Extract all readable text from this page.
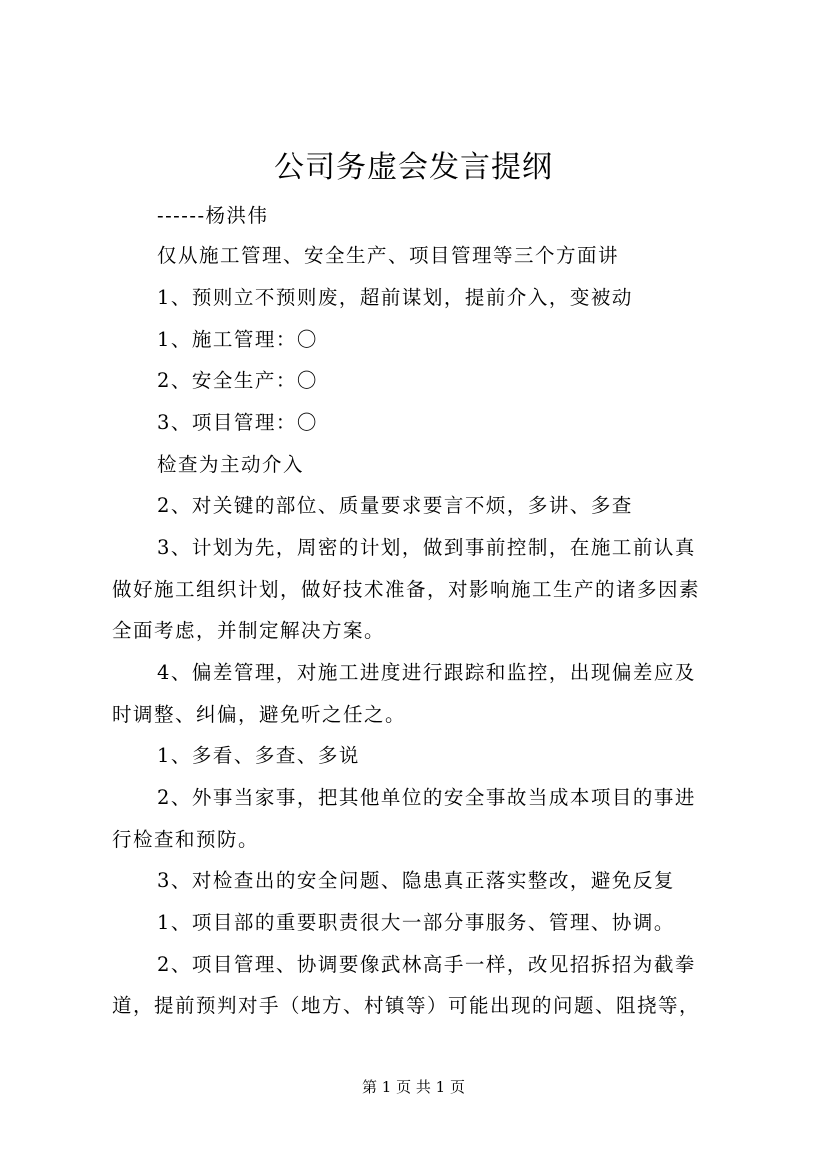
公司务虚会发言提纲
------杨洪伟
仅从施工管理、安全生产、项目管理等三个方面讲
1、预则立不预则废，超前谋划，提前介入，变被动
1、施工管理：〇
2、安全生产：〇
3、项目管理：〇
检查为主动介入
2、对关键的部位、质量要求要言不烦，多讲、多查
3、计划为先，周密的计划，做到事前控制，在施工前认真
做好施工组织计划，做好技术准备，对影响施工生产的诸多因素
全面考虑，并制定解决方案。
4、偏差管理，对施工进度进行跟踪和监控，出现偏差应及
时调整、纠偏，避免听之任之。
1、多看、多查、多说
2、外事当家事，把其他单位的安全事故当成本项目的事进
行检查和预防。
3、对检查出的安全问题、隐患真正落实整改，避免反复
1、项目部的重要职责很大一部分事服务、管理、协调。
2、项目管理、协调要像武林高手一样，改见招拆招为截拳
道，提前预判对手（地方、村镇等）可能出现的问题、阻挠等，
第 1 页 共 1 页
